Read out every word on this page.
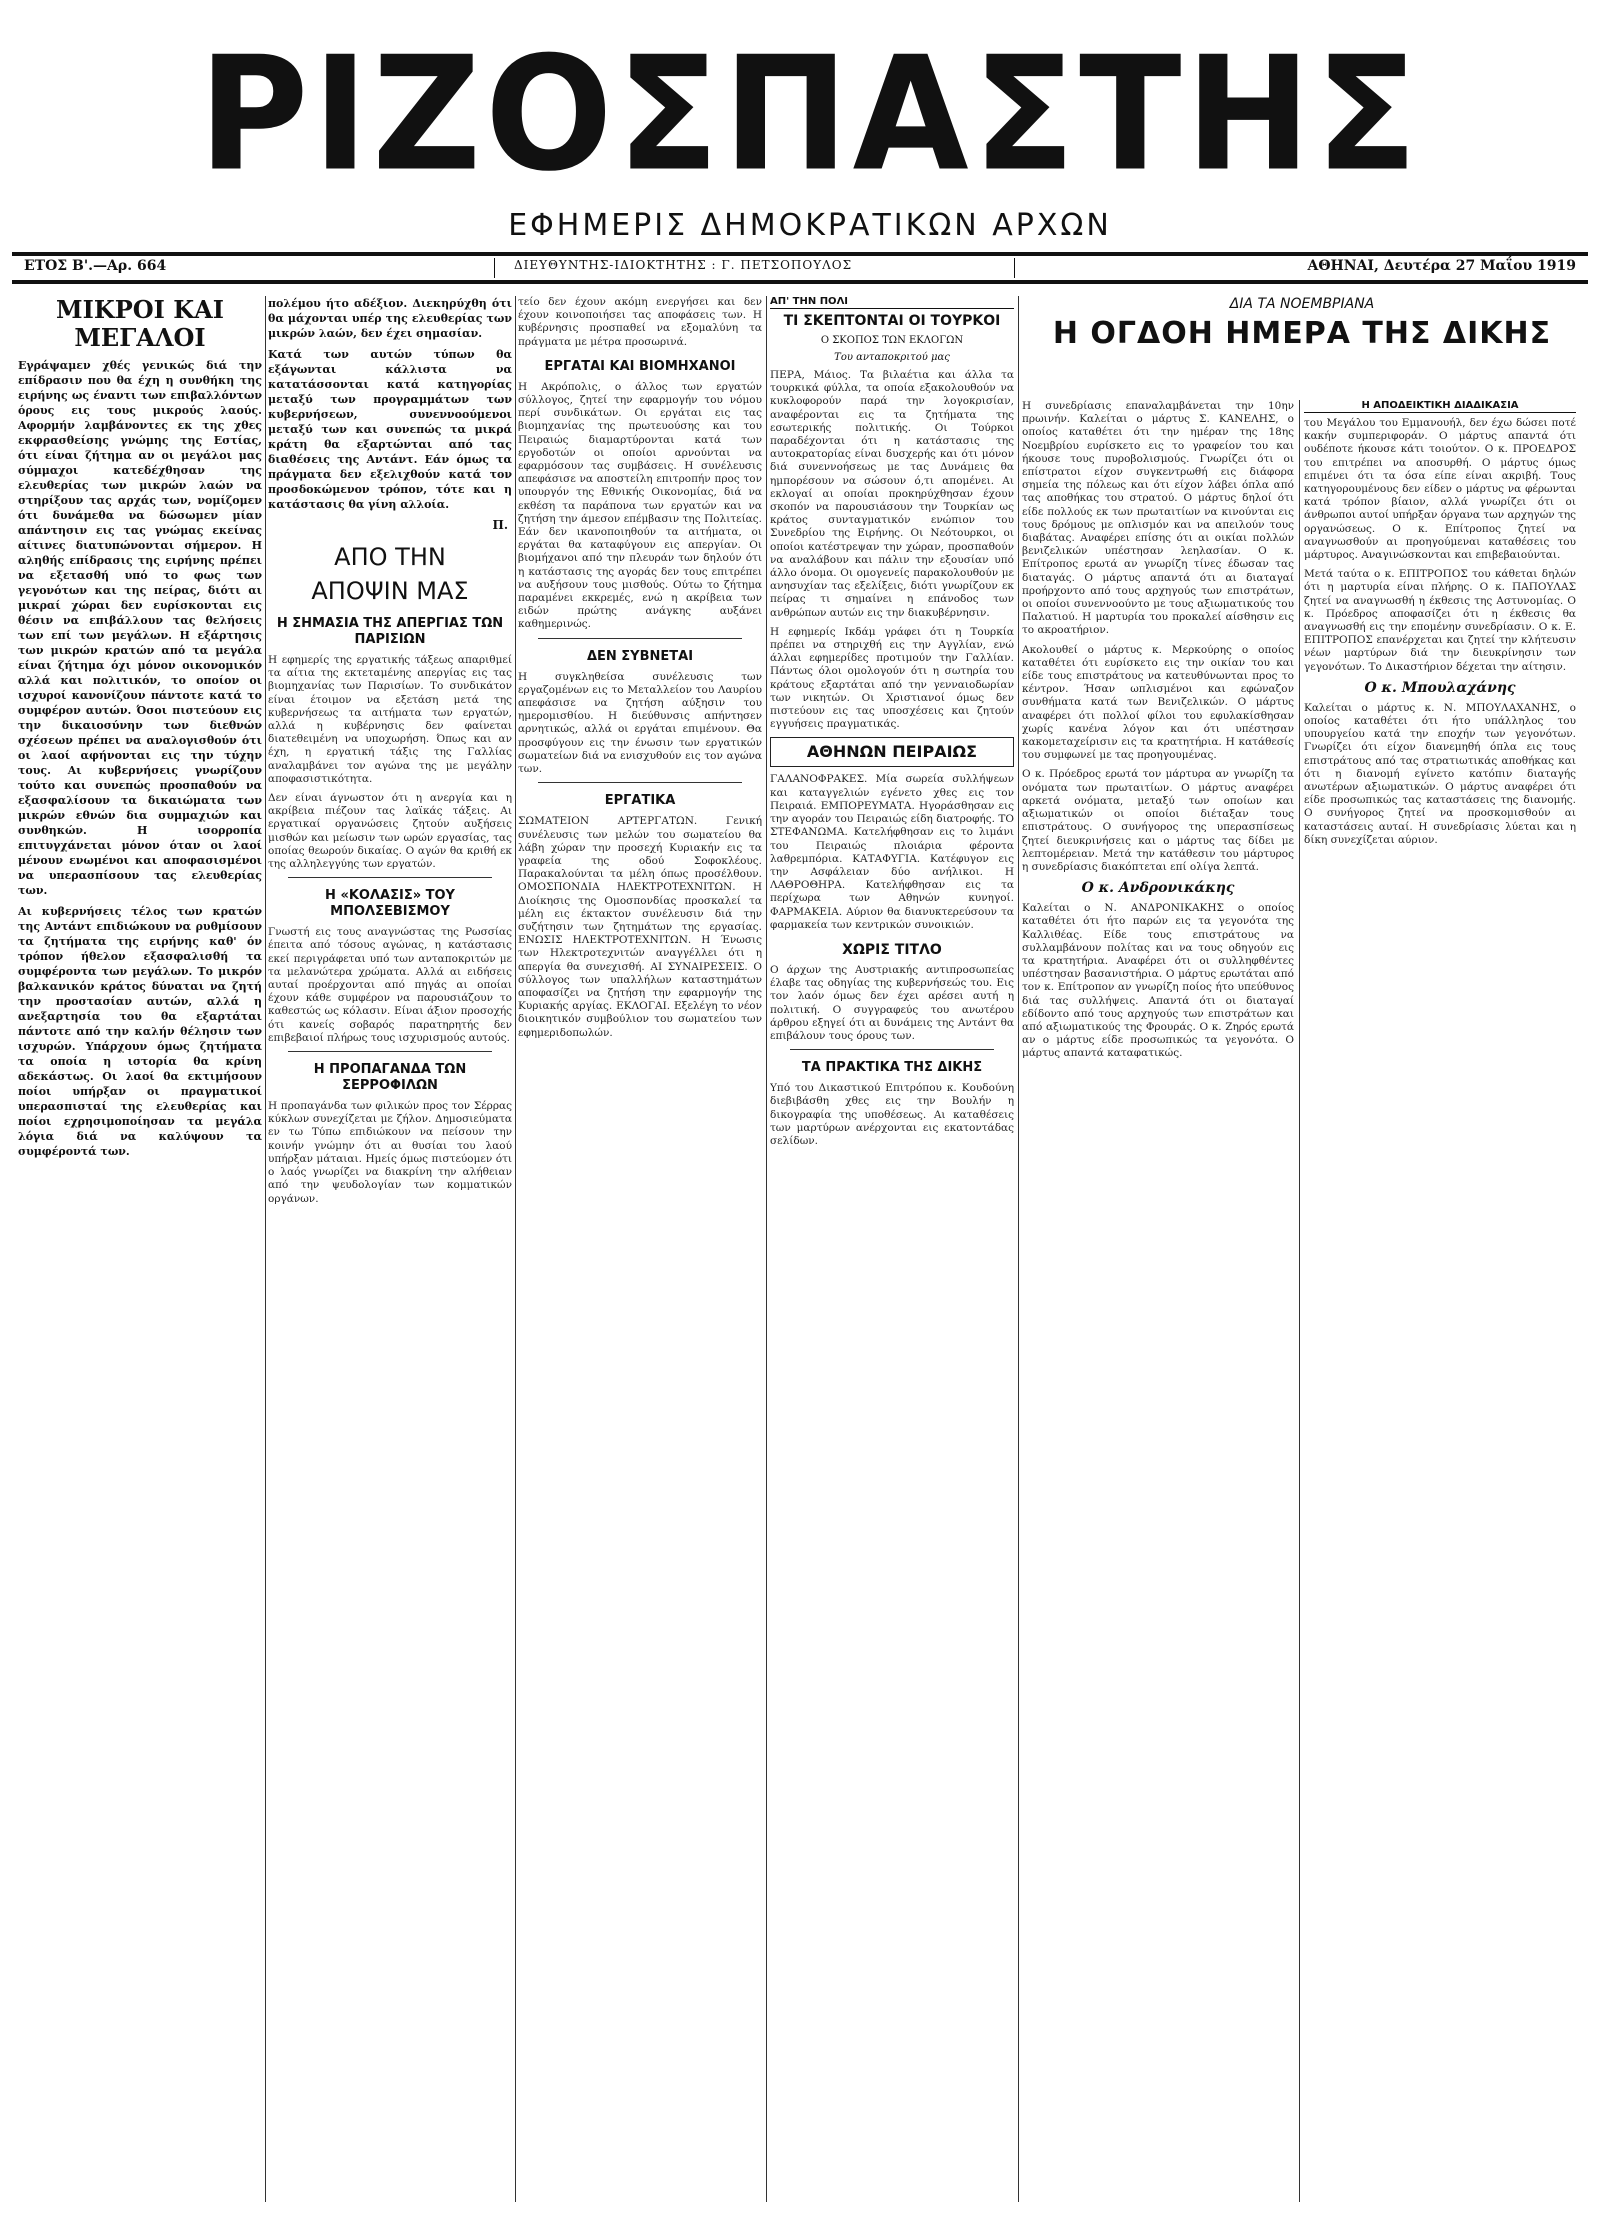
ΡΙΖΟΣΠΑΣΤΗΣ
ΕΦΗΜΕΡΙΣ ΔΗΜΟΚΡΑΤΙΚΩΝ ΑΡΧΩΝ
ΕΤΟΣ Β'.—Αρ. 664	ΔΙΕΥΘΥΝΤΗΣ-ΙΔΙΟΚΤΗΤΗΣ : Γ. ΠΕΤΣΟΠΟΥΛΟΣ	ΑΘΗΝΑΙ, Δευτέρα 27 Μαΐου 1919
ΜΙΚΡΟΙ ΚΑΙ ΜΕΓΑΛΟΙ

Εγράψαμεν χθές γενικώς διά την επίδρασιν που θα έχη η συνθήκη της ειρήνης ως έναντι των επιβαλλόντων όρους εις τους μικρούς λαούς. Αφορμήν λαμβάνοντες εκ της χθες εκφρασθείσης γνώμης της Εστίας, ότι είναι ζήτημα αν οι μεγάλοι μας σύμμαχοι κατεδέχθησαν της ελευθερίας των μικρών λαών να στηρίξουν τας αρχάς των, νομίζομεν ότι δυνάμεθα να δώσωμεν μίαν απάντησιν εις τας γνώμας εκείνας αίτινες διατυπώνονται σήμερον. Η αληθής επίδρασις της ειρήνης πρέπει να εξετασθή υπό το φως των γεγονότων και της πείρας, διότι αι μικραί χώραι δεν ευρίσκονται εις θέσιν να επιβάλλουν τας θελήσεις των επί των μεγάλων. Η εξάρτησις των μικρών κρατών από τα μεγάλα είναι ζήτημα όχι μόνον οικονομικόν αλλά και πολιτικόν, το οποίον οι ισχυροί κανονίζουν πάντοτε κατά το συμφέρον αυτών. Όσοι πιστεύουν εις την δικαιοσύνην των διεθνών σχέσεων πρέπει να αναλογισθούν ότι οι λαοί αφήνονται εις την τύχην τους. Αι κυβερνήσεις γνωρίζουν τούτο και συνεπώς προσπαθούν να εξασφαλίσουν τα δικαιώματα των μικρών εθνών δια συμμαχιών και συνθηκών. Η ισορροπία επιτυγχάνεται μόνον όταν οι λαοί μένουν ενωμένοι και αποφασισμένοι να υπερασπίσουν τας ελευθερίας των.

Αι κυβερνήσεις τέλος των κρατών της Αντάντ επιδιώκουν να ρυθμίσουν τα ζητήματα της ειρήνης καθ' όν τρόπον ήθελον εξασφαλισθή τα συμφέροντα των μεγάλων. Το μικρόν βαλκανικόν κράτος δύναται να ζητή την προστασίαν αυτών, αλλά η ανεξαρτησία του θα εξαρτάται πάντοτε από την καλήν θέλησιν των ισχυρών. Υπάρχουν όμως ζητήματα τα οποία η ιστορία θα κρίνη αδεκάστως. Οι λαοί θα εκτιμήσουν ποίοι υπήρξαν οι πραγματικοί υπερασπισταί της ελευθερίας και ποίοι εχρησιμοποίησαν τα μεγάλα λόγια διά να καλύψουν τα συμφέροντά των.

πολέμου ήτο αδέξιον. Διεκηρύχθη ότι θα μάχονται υπέρ της ελευθερίας των μικρών λαών, δεν έχει σημασίαν.

Κατά των αυτών τύπων θα εξάγωνται κάλλιστα να κατατάσσονται κατά κατηγορίας μεταξύ των προγραμμάτων των κυβερνήσεων, συνεννοούμενοι μεταξύ των και συνεπώς τα μικρά κράτη θα εξαρτώνται από τας διαθέσεις της Αντάντ. Εάν όμως τα πράγματα δεν εξελιχθούν κατά τον προσδοκώμενον τρόπον, τότε και η κατάστασις θα γίνη αλλοία.

Π.
ΑΠΟ ΤΗΝ
ΑΠΟΨΙΝ ΜΑΣ
Η ΣΗΜΑΣΙΑ ΤΗΣ ΑΠΕΡΓΙΑΣ ΤΩΝ ΠΑΡΙΣΙΩΝ

Η εφημερίς της εργατικής τάξεως απαριθμεί τα αίτια της εκτεταμένης απεργίας εις τας βιομηχανίας των Παρισίων. Το συνδικάτον είναι έτοιμον να εξετάση μετά της κυβερνήσεως τα αιτήματα των εργατών, αλλά η κυβέρνησις δεν φαίνεται διατεθειμένη να υποχωρήση. Όπως και αν έχη, η εργατική τάξις της Γαλλίας αναλαμβάνει τον αγώνα της με μεγάλην αποφασιστικότητα.

Δεν είναι άγνωστον ότι η ανεργία και η ακρίβεια πιέζουν τας λαϊκάς τάξεις. Αι εργατικαί οργανώσεις ζητούν αυξήσεις μισθών και μείωσιν των ωρών εργασίας, τας οποίας θεωρούν δικαίας. Ο αγών θα κριθή εκ της αλληλεγγύης των εργατών.

Η «ΚΟΛΑΣΙΣ» ΤΟΥ ΜΠΟΛΣΕΒΙΣΜΟΥ

Γνωστή εις τους αναγνώστας της Ρωσσίας έπειτα από τόσους αγώνας, η κατάστασις εκεί περιγράφεται υπό των ανταποκριτών με τα μελανώτερα χρώματα. Αλλά αι ειδήσεις αυταί προέρχονται από πηγάς αι οποίαι έχουν κάθε συμφέρον να παρουσιάζουν το καθεστώς ως κόλασιν. Είναι άξιον προσοχής ότι κανείς σοβαρός παρατηρητής δεν επιβεβαιοί πλήρως τους ισχυρισμούς αυτούς.

Η ΠΡΟΠΑΓΑΝΔΑ ΤΩΝ ΣΕΡΡΟΦΙΛΩΝ

Η προπαγάνδα των φιλικών προς τον Σέρρας κύκλων συνεχίζεται με ζήλον. Δημοσιεύματα εν τω Τύπω επιδιώκουν να πείσουν την κοινήν γνώμην ότι αι θυσίαι του λαού υπήρξαν μάταιαι. Ημείς όμως πιστεύομεν ότι ο λαός γνωρίζει να διακρίνη την αλήθειαν από την ψευδολογίαν των κομματικών οργάνων.

τείο δεν έχουν ακόμη ενεργήσει και δεν έχουν κοινοποιήσει τας αποφάσεις των. Η κυβέρνησις προσπαθεί να εξομαλύνη τα πράγματα με μέτρα προσωρινά.

ΕΡΓΑΤΑΙ ΚΑΙ ΒΙΟΜΗΧΑΝΟΙ

Η Ακρόπολις, ο άλλος των εργατών σύλλογος, ζητεί την εφαρμογήν του νόμου περί συνδικάτων. Οι εργάται εις τας βιομηχανίας της πρωτευούσης και του Πειραιώς διαμαρτύρονται κατά των εργοδοτών οι οποίοι αρνούνται να εφαρμόσουν τας συμβάσεις. Η συνέλευσις απεφάσισε να αποστείλη επιτροπήν προς τον υπουργόν της Εθνικής Οικονομίας, διά να εκθέση τα παράπονα των εργατών και να ζητήση την άμεσον επέμβασιν της Πολιτείας. Εάν δεν ικανοποιηθούν τα αιτήματα, οι εργάται θα καταφύγουν εις απεργίαν. Οι βιομήχανοι από την πλευράν των δηλούν ότι η κατάστασις της αγοράς δεν τους επιτρέπει να αυξήσουν τους μισθούς. Ούτω το ζήτημα παραμένει εκκρεμές, ενώ η ακρίβεια των ειδών πρώτης ανάγκης αυξάνει καθημερινώς.

ΔΕΝ ΣΥΒΝΕΤΑΙ

Η συγκληθείσα συνέλευσις των εργαζομένων εις το Μεταλλείον του Λαυρίου απεφάσισε να ζητήση αύξησιν του ημερομισθίου. Η διεύθυνσις απήντησεν αρνητικώς, αλλά οι εργάται επιμένουν. Θα προσφύγουν εις την ένωσιν των εργατικών σωματείων διά να ενισχυθούν εις τον αγώνα των.

ΕΡΓΑΤΙΚΑ

ΣΩΜΑΤΕΙΟΝ ΑΡΤΕΡΓΑΤΩΝ. Γενική συνέλευσις των μελών του σωματείου θα λάβη χώραν την προσεχή Κυριακήν εις τα γραφεία της οδού Σοφοκλέους. Παρακαλούνται τα μέλη όπως προσέλθουν. ΟΜΟΣΠΟΝΔΙΑ ΗΛΕΚΤΡΟΤΕΧΝΙΤΩΝ. Η Διοίκησις της Ομοσπονδίας προσκαλεί τα μέλη εις έκτακτον συνέλευσιν διά την συζήτησιν των ζητημάτων της εργασίας. ΕΝΩΣΙΣ ΗΛΕΚΤΡΟΤΕΧΝΙΤΩΝ. Η Ένωσις των Ηλεκτροτεχνιτών αναγγέλλει ότι η απεργία θα συνεχισθή. ΑΙ ΣΥΝΑΙΡΕΣΕΙΣ. Ο σύλλογος των υπαλλήλων καταστημάτων αποφασίζει να ζητήση την εφαρμογήν της Κυριακής αργίας. ΕΚΛΟΓΑΙ. Εξελέγη το νέον διοικητικόν συμβούλιον του σωματείου των εφημεριδοπωλών.

ΑΠ' ΤΗΝ ΠΟΛΙ
ΤΙ ΣΚΕΠΤΟΝΤΑΙ ΟΙ ΤΟΥΡΚΟΙ
Ο ΣΚΟΠΟΣ ΤΩΝ ΕΚΛΟΓΩΝ
Του ανταποκριτού μας

ΠΕΡΑ, Μάιος. Τα βιλαέτια και άλλα τα τουρκικά φύλλα, τα οποία εξακολουθούν να κυκλοφορούν παρά την λογοκρισίαν, αναφέρονται εις τα ζητήματα της εσωτερικής πολιτικής. Οι Τούρκοι παραδέχονται ότι η κατάστασις της αυτοκρατορίας είναι δυσχερής και ότι μόνον διά συνεννοήσεως με τας Δυνάμεις θα ημπορέσουν να σώσουν ό,τι απομένει. Αι εκλογαί αι οποίαι προκηρύχθησαν έχουν σκοπόν να παρουσιάσουν την Τουρκίαν ως κράτος συνταγματικόν ενώπιον του Συνεδρίου της Ειρήνης. Οι Νεότουρκοι, οι οποίοι κατέστρεψαν την χώραν, προσπαθούν να αναλάβουν και πάλιν την εξουσίαν υπό άλλο όνομα. Οι ομογενείς παρακολουθούν με ανησυχίαν τας εξελίξεις, διότι γνωρίζουν εκ πείρας τι σημαίνει η επάνοδος των ανθρώπων αυτών εις την διακυβέρνησιν.

Η εφημερίς Ικδάμ γράφει ότι η Τουρκία πρέπει να στηριχθή εις την Αγγλίαν, ενώ άλλαι εφημερίδες προτιμούν την Γαλλίαν. Πάντως όλοι ομολογούν ότι η σωτηρία του κράτους εξαρτάται από την γενναιοδωρίαν των νικητών. Οι Χριστιανοί όμως δεν πιστεύουν εις τας υποσχέσεις και ζητούν εγγυήσεις πραγματικάς.

ΑΘΗΝΩΝ ΠΕΙΡΑΙΩΣ

ΓΑΛΑΝΟΦΡΑΚΕΣ. Μία σωρεία συλλήψεων και καταγγελιών εγένετο χθες εις τον Πειραιά. ΕΜΠΟΡΕΥΜΑΤΑ. Ηγοράσθησαν εις την αγοράν του Πειραιώς είδη διατροφής. ΤΟ ΣΤΕΦΑΝΩΜΑ. Κατελήφθησαν εις το λιμάνι του Πειραιώς πλοιάρια φέροντα λαθρεμπόρια. ΚΑΤΑΦΥΓΙΑ. Κατέφυγον εις την Ασφάλειαν δύο ανήλικοι. Η ΛΑΘΡΟΘΗΡΑ. Κατελήφθησαν εις τα περίχωρα των Αθηνών κυνηγοί. ΦΑΡΜΑΚΕΙΑ. Αύριον θα διανυκτερεύσουν τα φαρμακεία των κεντρικών συνοικιών.

ΧΩΡΙΣ ΤΙΤΛΟ

Ο άρχων της Αυστριακής αντιπροσωπείας έλαβε τας οδηγίας της κυβερνήσεώς του. Εις τον λαόν όμως δεν έχει αρέσει αυτή η πολιτική. Ο συγγραφεύς του ανωτέρου άρθρου εξηγεί ότι αι δυνάμεις της Αντάντ θα επιβάλουν τους όρους των.

ΤΑ ΠΡΑΚΤΙΚΑ ΤΗΣ ΔΙΚΗΣ

Υπό του Δικαστικού Επιτρόπου κ. Κουδούνη διεβιβάσθη χθες εις την Βουλήν η δικογραφία της υποθέσεως. Αι καταθέσεις των μαρτύρων ανέρχονται εις εκατοντάδας σελίδων.

ΔΙΑ ΤΑ ΝΟΕΜΒΡΙΑΝΑ
Η ΟΓΔΟΗ ΗΜΕΡΑ ΤΗΣ ΔΙΚΗΣ

Η συνεδρίασις επαναλαμβάνεται την 10ην πρωινήν. Καλείται ο μάρτυς Σ. ΚΑΝΕΛΗΣ, ο οποίος καταθέτει ότι την ημέραν της 18ης Νοεμβρίου ευρίσκετο εις το γραφείον του και ήκουσε τους πυροβολισμούς. Γνωρίζει ότι οι επίστρατοι είχον συγκεντρωθή εις διάφορα σημεία της πόλεως και ότι είχον λάβει όπλα από τας αποθήκας του στρατού. Ο μάρτυς δηλοί ότι είδε πολλούς εκ των πρωταιτίων να κινούνται εις τους δρόμους με οπλισμόν και να απειλούν τους διαβάτας. Αναφέρει επίσης ότι αι οικίαι πολλών βενιζελικών υπέστησαν λεηλασίαν. Ο κ. Επίτροπος ερωτά αν γνωρίζη τίνες έδωσαν τας διαταγάς. Ο μάρτυς απαντά ότι αι διαταγαί προήρχοντο από τους αρχηγούς των επιστράτων, οι οποίοι συνεννοούντο με τους αξιωματικούς του Παλατιού. Η μαρτυρία του προκαλεί αίσθησιν εις το ακροατήριον.

Ακολουθεί ο μάρτυς κ. Μερκούρης ο οποίος καταθέτει ότι ευρίσκετο εις την οικίαν του και είδε τους επιστράτους να κατευθύνωνται προς το κέντρον. Ήσαν ωπλισμένοι και εφώναζον συνθήματα κατά των Βενιζελικών. Ο μάρτυς αναφέρει ότι πολλοί φίλοι του εφυλακίσθησαν χωρίς κανένα λόγον και ότι υπέστησαν κακομεταχείρισιν εις τα κρατητήρια. Η κατάθεσίς του συμφωνεί με τας προηγουμένας.

Ο κ. Πρόεδρος ερωτά τον μάρτυρα αν γνωρίζη τα ονόματα των πρωταιτίων. Ο μάρτυς αναφέρει αρκετά ονόματα, μεταξύ των οποίων και αξιωματικών οι οποίοι διέταξαν τους επιστράτους. Ο συνήγορος της υπερασπίσεως ζητεί διευκρινήσεις και ο μάρτυς τας δίδει με λεπτομέρειαν. Μετά την κατάθεσιν του μάρτυρος η συνεδρίασις διακόπτεται επί ολίγα λεπτά.

Ο κ. Ανδρονικάκης

Καλείται ο Ν. ΑΝΔΡΟΝΙΚΑΚΗΣ ο οποίος καταθέτει ότι ήτο παρών εις τα γεγονότα της Καλλιθέας. Είδε τους επιστράτους να συλλαμβάνουν πολίτας και να τους οδηγούν εις τα κρατητήρια. Αναφέρει ότι οι συλληφθέντες υπέστησαν βασανιστήρια. Ο μάρτυς ερωτάται από τον κ. Επίτροπον αν γνωρίζη ποίος ήτο υπεύθυνος διά τας συλλήψεις. Απαντά ότι οι διαταγαί εδίδοντο από τους αρχηγούς των επιστράτων και από αξιωματικούς της Φρουράς. Ο κ. Ζηρός ερωτά αν ο μάρτυς είδε προσωπικώς τα γεγονότα. Ο μάρτυς απαντά καταφατικώς.

Η ΑΠΟΔΕΙΚΤΙΚΗ ΔΙΑΔΙΚΑΣΙΑ

του Μεγάλου του Εμμανουήλ, δεν έχω δώσει ποτέ κακήν συμπεριφοράν. Ο μάρτυς απαντά ότι ουδέποτε ήκουσε κάτι τοιούτον. Ο κ. ΠΡΟΕΔΡΟΣ του επιτρέπει να αποσυρθή. Ο μάρτυς όμως επιμένει ότι τα όσα είπε είναι ακριβή. Τους κατηγορουμένους δεν είδεν ο μάρτυς να φέρωνται κατά τρόπον βίαιον, αλλά γνωρίζει ότι οι άνθρωποι αυτοί υπήρξαν όργανα των αρχηγών της οργανώσεως. Ο κ. Επίτροπος ζητεί να αναγνωσθούν αι προηγούμεναι καταθέσεις του μάρτυρος. Αναγινώσκονται και επιβεβαιούνται.

Μετά ταύτα ο κ. ΕΠΙΤΡΟΠΟΣ του κάθεται δηλών ότι η μαρτυρία είναι πλήρης. Ο κ. ΠΑΠΟΥΛΑΣ ζητεί να αναγνωσθή η έκθεσις της Αστυνομίας. Ο κ. Πρόεδρος αποφασίζει ότι η έκθεσις θα αναγνωσθή εις την επομένην συνεδρίασιν. Ο κ. Ε. ΕΠΙΤΡΟΠΟΣ επανέρχεται και ζητεί την κλήτευσιν νέων μαρτύρων διά την διευκρίνησιν των γεγονότων. Το Δικαστήριον δέχεται την αίτησιν.

Ο κ. Μπουλαχάνης

Καλείται ο μάρτυς κ. Ν. ΜΠΟΥΛΑΧΑΝΗΣ, ο οποίος καταθέτει ότι ήτο υπάλληλος του υπουργείου κατά την εποχήν των γεγονότων. Γνωρίζει ότι είχον διανεμηθή όπλα εις τους επιστράτους από τας στρατιωτικάς αποθήκας και ότι η διανομή εγίνετο κατόπιν διαταγής ανωτέρων αξιωματικών. Ο μάρτυς αναφέρει ότι είδε προσωπικώς τας καταστάσεις της διανομής. Ο συνήγορος ζητεί να προσκομισθούν αι καταστάσεις αυταί. Η συνεδρίασις λύεται και η δίκη συνεχίζεται αύριον.
